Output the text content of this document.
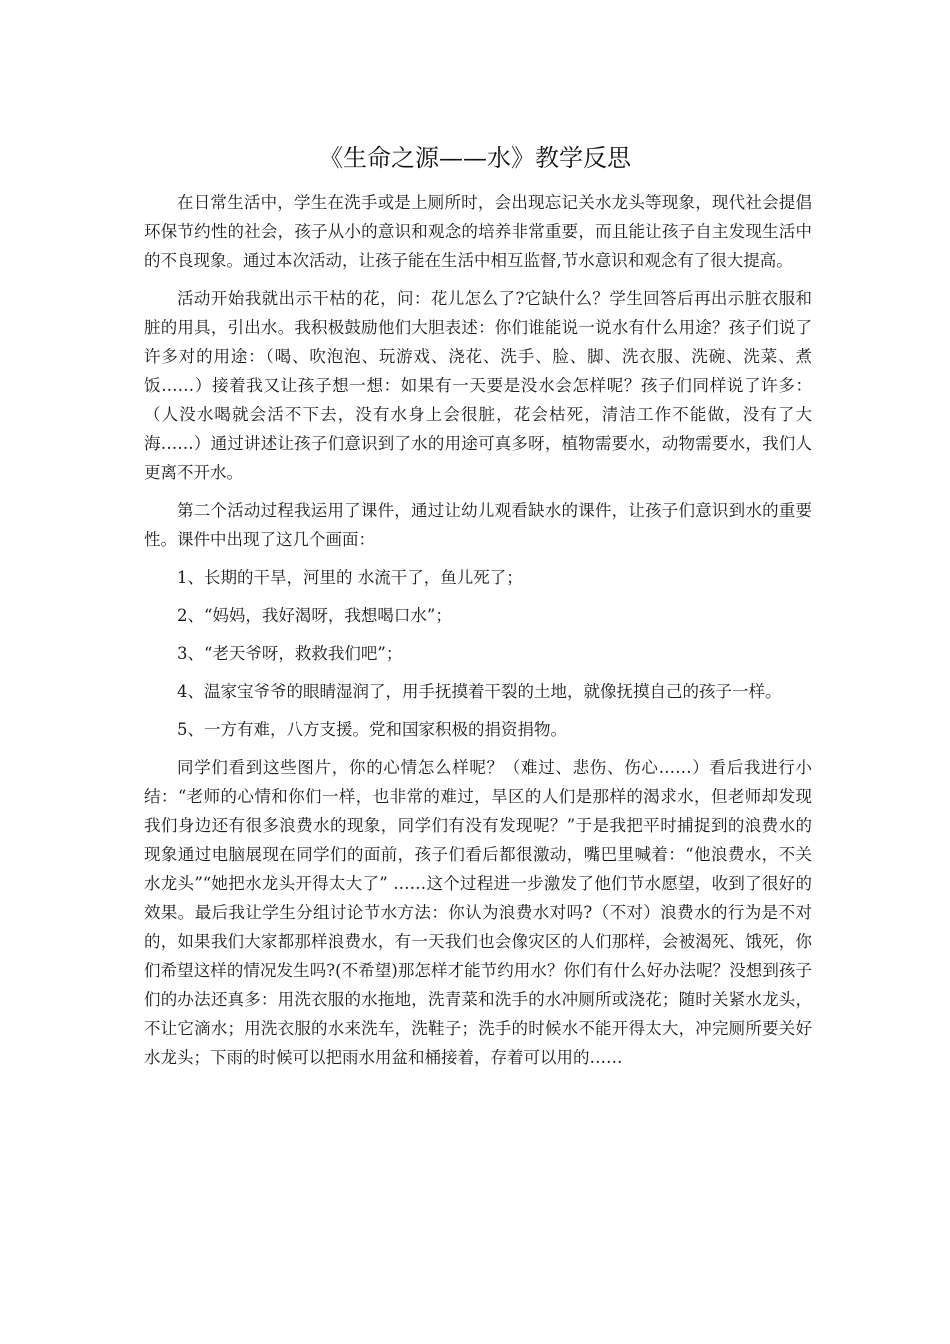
《生命之源——水》教学反思

在日常生活中，学生在洗手或是上厕所时，会出现忘记关水龙头等现象，现代社会提倡环保节约性的社会，孩子从小的意识和观念的培养非常重要，而且能让孩子自主发现生活中的不良现象。通过本次活动，让孩子能在生活中相互监督,节水意识和观念有了很大提高。

活动开始我就出示干枯的花，问：花儿怎么了?它缺什么？学生回答后再出示脏衣服和脏的用具，引出水。我积极鼓励他们大胆表述：你们谁能说一说水有什么用途？孩子们说了许多对的用途：（喝、吹泡泡、玩游戏、浇花、洗手、脸、脚、洗衣服、洗碗、洗菜、煮饭……）接着我又让孩子想一想：如果有一天要是没水会怎样呢？孩子们同样说了许多：（人没水喝就会活不下去，没有水身上会很脏，花会枯死，清洁工作不能做，没有了大海……）通过讲述让孩子们意识到了水的用途可真多呀，植物需要水，动物需要水，我们人更离不开水。

第二个活动过程我运用了课件，通过让幼儿观看缺水的课件，让孩子们意识到水的重要性。课件中出现了这几个画面：

1、长期的干旱，河里的 水流干了，鱼儿死了；

2、“妈妈，我好渴呀，我想喝口水”；

3、“老天爷呀，救救我们吧”；

4、温家宝爷爷的眼睛湿润了，用手抚摸着干裂的土地，就像抚摸自己的孩子一样。

5、一方有难，八方支援。党和国家积极的捐资捐物。

同学们看到这些图片，你的心情怎么样呢？（难过、悲伤、伤心……）看后我进行小结：“老师的心情和你们一样，也非常的难过，旱区的人们是那样的渴求水，但老师却发现我们身边还有很多浪费水的现象，同学们有没有发现呢？”于是我把平时捕捉到的浪费水的现象通过电脑展现在同学们的面前，孩子们看后都很激动，嘴巴里喊着：“他浪费水，不关水龙头”“她把水龙头开得太大了” ……这个过程进一步激发了他们节水愿望，收到了很好的效果。最后我让学生分组讨论节水方法：你认为浪费水对吗?（不对）浪费水的行为是不对的，如果我们大家都那样浪费水，有一天我们也会像灾区的人们那样，会被渴死、饿死，你们希望这样的情况发生吗?(不希望)那怎样才能节约用水？你们有什么好办法呢？没想到孩子们的办法还真多：用洗衣服的水拖地，洗青菜和洗手的水冲厕所或浇花；随时关紧水龙头，不让它滴水；用洗衣服的水来洗车，洗鞋子；洗手的时候水不能开得太大，冲完厕所要关好水龙头；下雨的时候可以把雨水用盆和桶接着，存着可以用的……
